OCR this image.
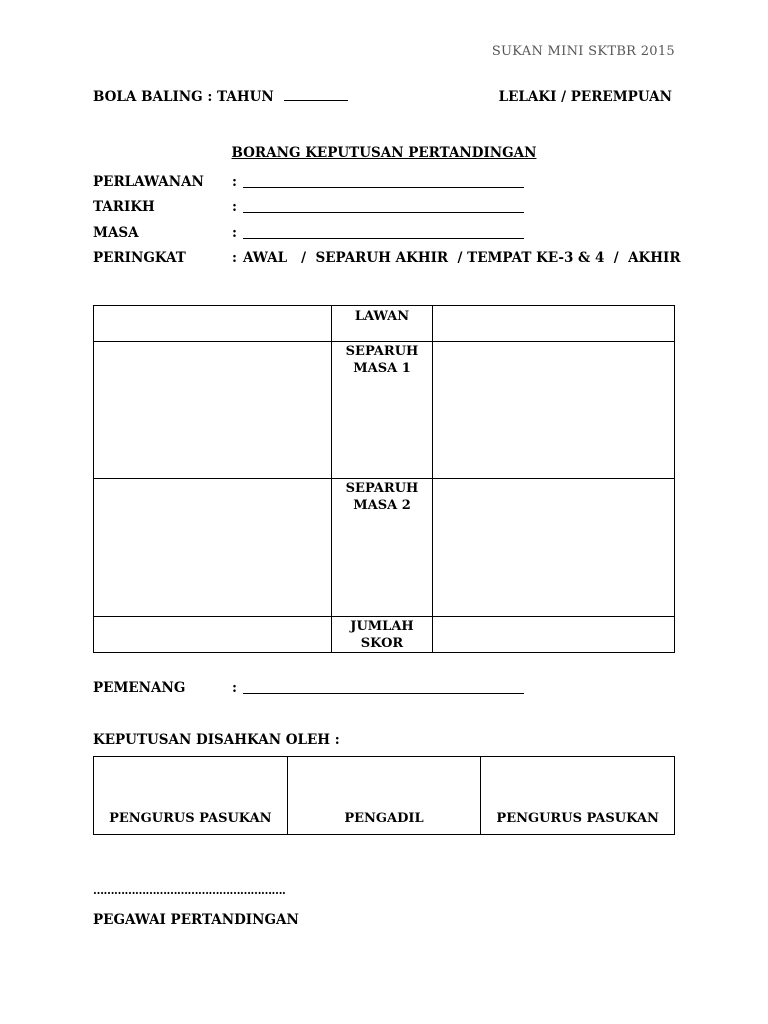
SUKAN MINI SKTBR 2015
BOLA BALING : TAHUN	LELAKI / PEREMPUAN
BORANG KEPUTUSAN PERTANDINGAN
PERLAWANAN :
TARIKH	:
MASA	:
PERINGKAT	: AWAL   /  SEPARUH AKHIR  / TEMPAT KE-3 & 4  /  AKHIR
	LAWAN	
	SEPARUH
MASA 1	
	SEPARUH
MASA 2	
	JUMLAH
SKOR	
PEMENANG	:
KEPUTUSAN DISAHKAN OLEH :
PENGURUS PASUKAN	PENGADIL	PENGURUS PASUKAN
……………………………………………….
PEGAWAI PERTANDINGAN
